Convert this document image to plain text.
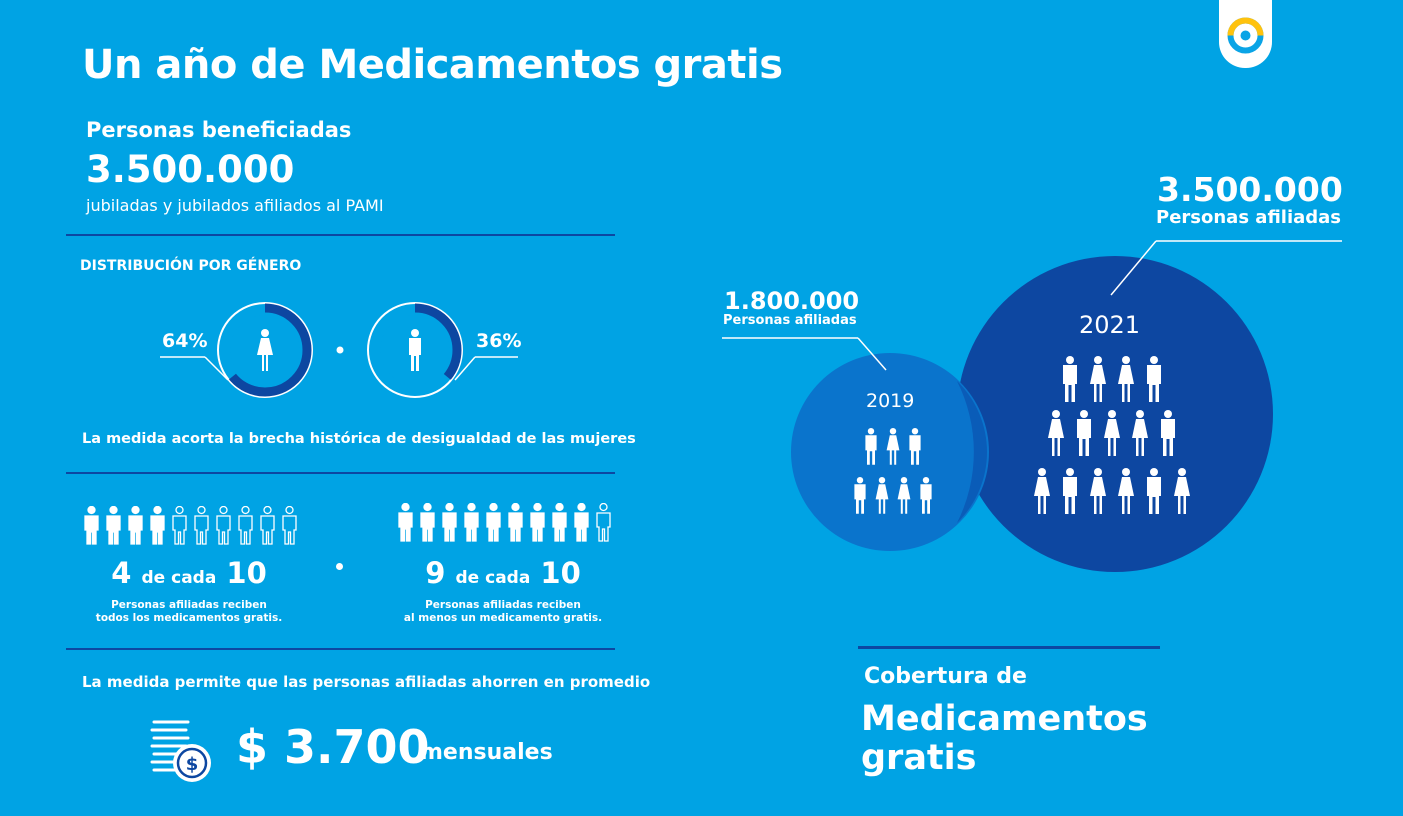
Un año de Medicamentos gratis
Personas beneficiadas
3.500.000
jubiladas y jubilados afiliados al PAMI
DISTRIBUCIÓN POR GÉNERO
64%	36%
La medida acorta la brecha histórica de desigualdad de las mujeres
4 de cada 10
Personas afiliadas reciben
todos los medicamentos gratis.
9 de cada 10
Personas afiliadas reciben
al menos un medicamento gratis.
La medida permite que las personas afiliadas ahorren en promedio
$ $ 3.700
mensuales
3.500.000
Personas afiliadas
2021
1.800.000
Personas afiliadas
2019
Cobertura de
Medicamentos
gratis
